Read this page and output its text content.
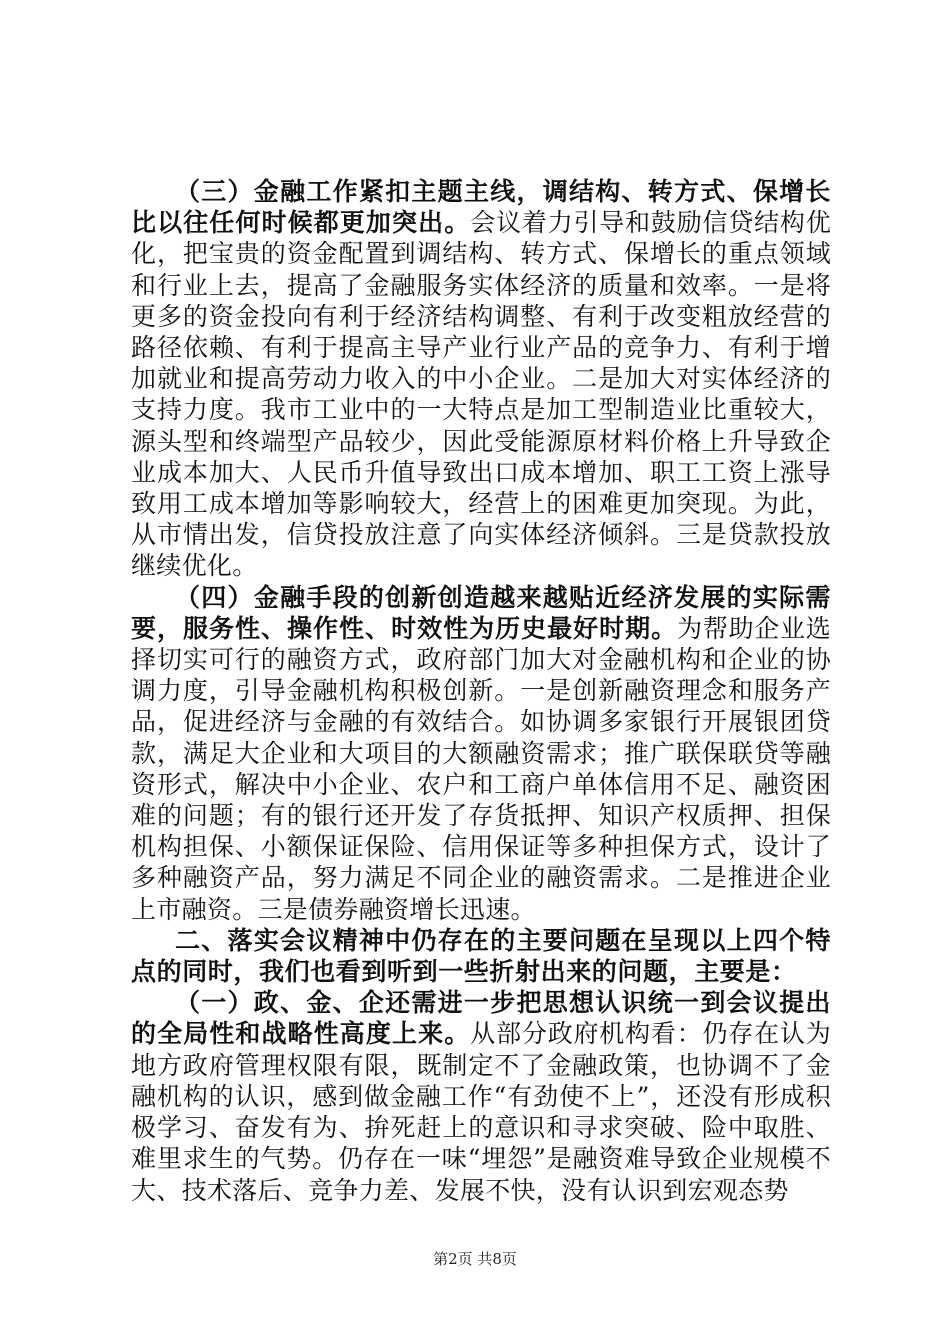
（三）金融工作紧扣主题主线，调结构、转方式、保增长比以往任何时候都更加突出。会议着力引导和鼓励信贷结构优化，把宝贵的资金配置到调结构、转方式、保增长的重点领域和行业上去，提高了金融服务实体经济的质量和效率。一是将更多的资金投向有利于经济结构调整、有利于改变粗放经营的路径依赖、有利于提高主导产业行业产品的竞争力、有利于增加就业和提高劳动力收入的中小企业。二是加大对实体经济的支持力度。我市工业中的一大特点是加工型制造业比重较大，源头型和终端型产品较少，因此受能源原材料价格上升导致企业成本加大、人民币升值导致出口成本增加、职工工资上涨导致用工成本增加等影响较大，经营上的困难更加突现。为此，从市情出发，信贷投放注意了向实体经济倾斜。三是贷款投放继续优化。

（四）金融手段的创新创造越来越贴近经济发展的实际需要，服务性、操作性、时效性为历史最好时期。为帮助企业选择切实可行的融资方式，政府部门加大对金融机构和企业的协调力度，引导金融机构积极创新。一是创新融资理念和服务产品，促进经济与金融的有效结合。如协调多家银行开展银团贷款，满足大企业和大项目的大额融资需求；推广联保联贷等融资形式，解决中小企业、农户和工商户单体信用不足、融资困难的问题；有的银行还开发了存货抵押、知识产权质押、担保机构担保、小额保证保险、信用保证等多种担保方式，设计了多种融资产品，努力满足不同企业的融资需求。二是推进企业上市融资。三是债券融资增长迅速。

二、落实会议精神中仍存在的主要问题在呈现以上四个特点的同时，我们也看到听到一些折射出来的问题，主要是：

（一）政、金、企还需进一步把思想认识统一到会议提出的全局性和战略性高度上来。从部分政府机构看：仍存在认为地方政府管理权限有限，既制定不了金融政策，也协调不了金融机构的认识，感到做金融工作“有劲使不上”，还没有形成积极学习、奋发有为、拚死赶上的意识和寻求突破、险中取胜、难里求生的气势。仍存在一味“埋怨”是融资难导致企业规模不大、技术落后、竞争力差、发展不快，没有认识到宏观态势

第2页 共8页
